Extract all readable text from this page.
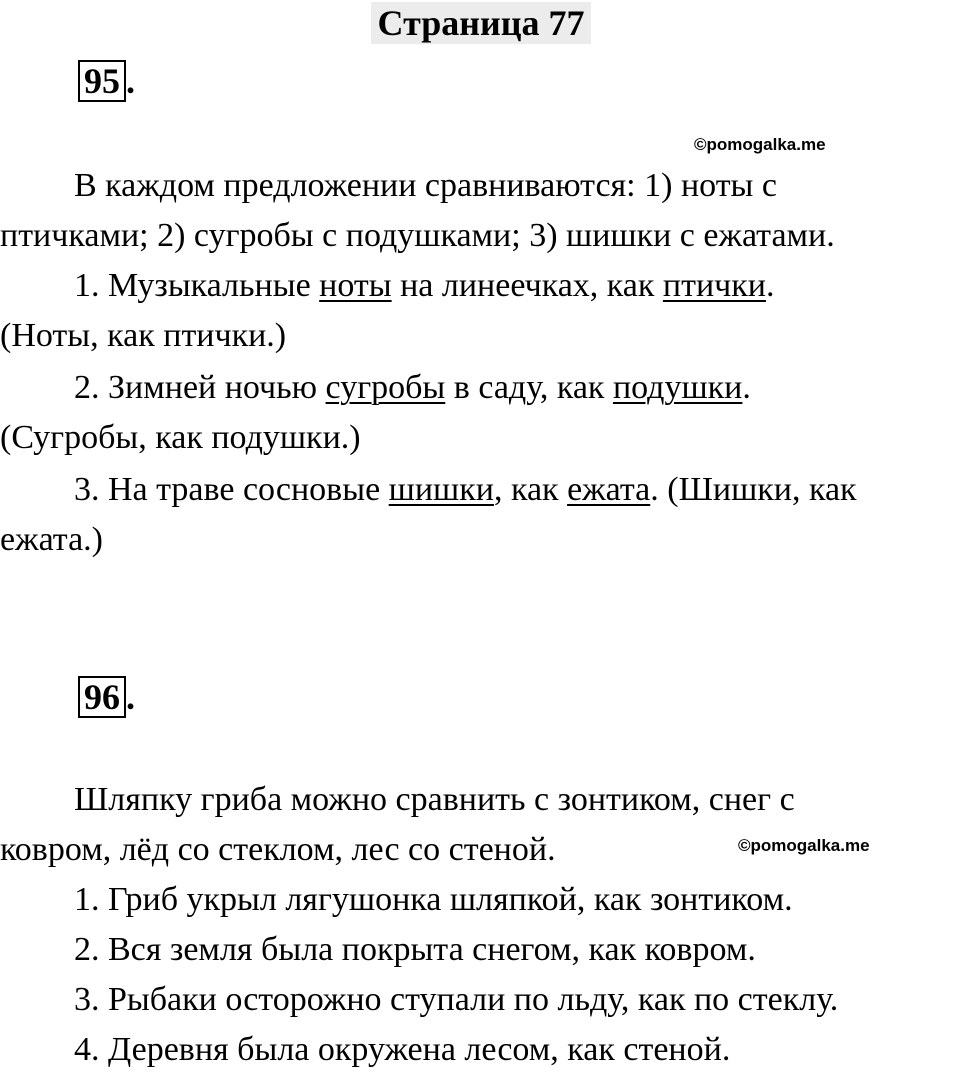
Страница 77
95 .
©pomogalka.me
В каждом предложении сравниваются: 1) ноты с
птичками; 2) сугробы с подушками; 3) шишки с ежатами.
1. Музыкальные ноты на линеечках, как птички.
(Ноты, как птички.)
2. Зимней ночью сугробы в саду, как подушки.
(Сугробы, как подушки.)
3. На траве сосновые шишки, как ежата. (Шишки, как
ежата.)
96 .
Шляпку гриба можно сравнить с зонтиком, снег с
ковром, лёд со стеклом, лес со стеной.	©pomogalka.me
1. Гриб укрыл лягушонка шляпкой, как зонтиком.
2. Вся земля была покрыта снегом, как ковром.
3. Рыбаки осторожно ступали по льду, как по стеклу.
4. Деревня была окружена лесом, как стеной.
